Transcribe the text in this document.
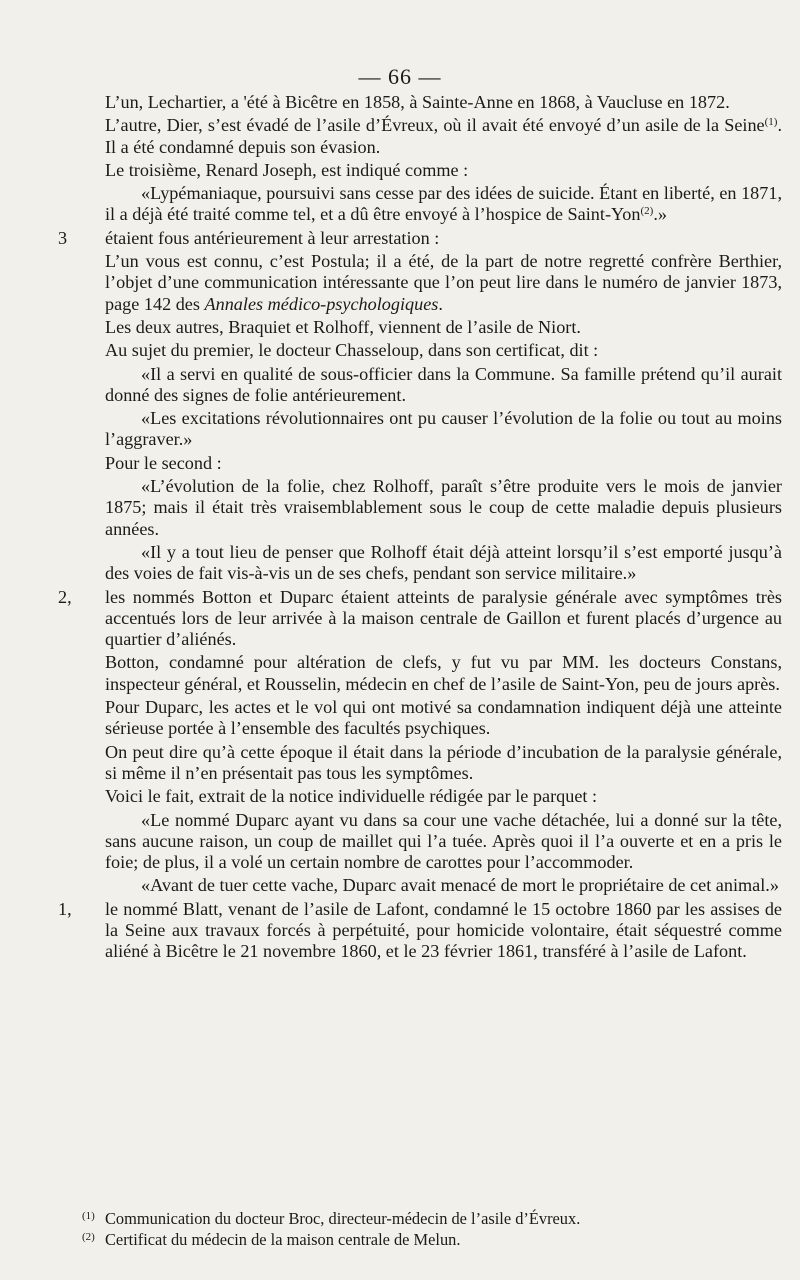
— 66 —

L’un, Lechartier, a 'été à Bicêtre en 1858, à Sainte-Anne en 1868, à Vaucluse en 1872.

L’autre, Dier, s’est évadé de l’asile d’Évreux, où il avait été envoyé d’un asile de la Seine$^{(1)}$. Il a été condamné depuis son évasion.

Le troisième, Renard Joseph, est indiqué comme :

«Lypémaniaque, poursuivi sans cesse par des idées de suicide. Étant en liberté, en 1871, il a déjà été traité comme tel, et a dû être envoyé à l’hospice de Saint-Yon$^{(2)}$.»

3 étaient fous antérieurement à leur arrestation :

L’un vous est connu, c’est Postula; il a été, de la part de notre regretté confrère Berthier, l’objet d’une communication intéressante que l’on peut lire dans le numéro de janvier 1873, page 142 des Annales médico-psychologiques.

Les deux autres, Braquiet et Rolhoff, viennent de l’asile de Niort.

Au sujet du premier, le docteur Chasseloup, dans son certificat, dit :

«Il a servi en qualité de sous-officier dans la Commune. Sa famille prétend qu’il aurait donné des signes de folie antérieurement.

«Les excitations révolutionnaires ont pu causer l’évolution de la folie ou tout au moins l’aggraver.»

Pour le second :

«L’évolution de la folie, chez Rolhoff, paraît s’être produite vers le mois de janvier 1875; mais il était très vraisemblablement sous le coup de cette maladie depuis plusieurs années.

«Il y a tout lieu de penser que Rolhoff était déjà atteint lorsqu’il s’est emporté jusqu’à des voies de fait vis-à-vis un de ses chefs, pendant son service militaire.»

2, les nommés Botton et Duparc étaient atteints de paralysie générale avec symptômes très accentués lors de leur arrivée à la maison centrale de Gaillon et furent placés d’urgence au quartier d’aliénés.

Botton, condamné pour altération de clefs, y fut vu par MM. les docteurs Constans, inspecteur général, et Rousselin, médecin en chef de l’asile de Saint-Yon, peu de jours après.

Pour Duparc, les actes et le vol qui ont motivé sa condamnation indiquent déjà une atteinte sérieuse portée à l’ensemble des facultés psychiques.

On peut dire qu’à cette époque il était dans la période d’incubation de la paralysie générale, si même il n’en présentait pas tous les symptômes.

Voici le fait, extrait de la notice individuelle rédigée par le parquet :

«Le nommé Duparc ayant vu dans sa cour une vache détachée, lui a donné sur la tête, sans aucune raison, un coup de maillet qui l’a tuée. Après quoi il l’a ouverte et en a pris le foie; de plus, il a volé un certain nombre de carottes pour l’accommoder.

«Avant de tuer cette vache, Duparc avait menacé de mort le propriétaire de cet animal.»

1, le nommé Blatt, venant de l’asile de Lafont, condamné le 15 octobre 1860 par les assises de la Seine aux travaux forcés à perpétuité, pour homicide volontaire, était séquestré comme aliéné à Bicêtre le 21 novembre 1860, et le 23 février 1861, transféré à l’asile de Lafont.

(1) Communication du docteur Broc, directeur-médecin de l’asile d’Évreux.
(2) Certificat du médecin de la maison centrale de Melun.
